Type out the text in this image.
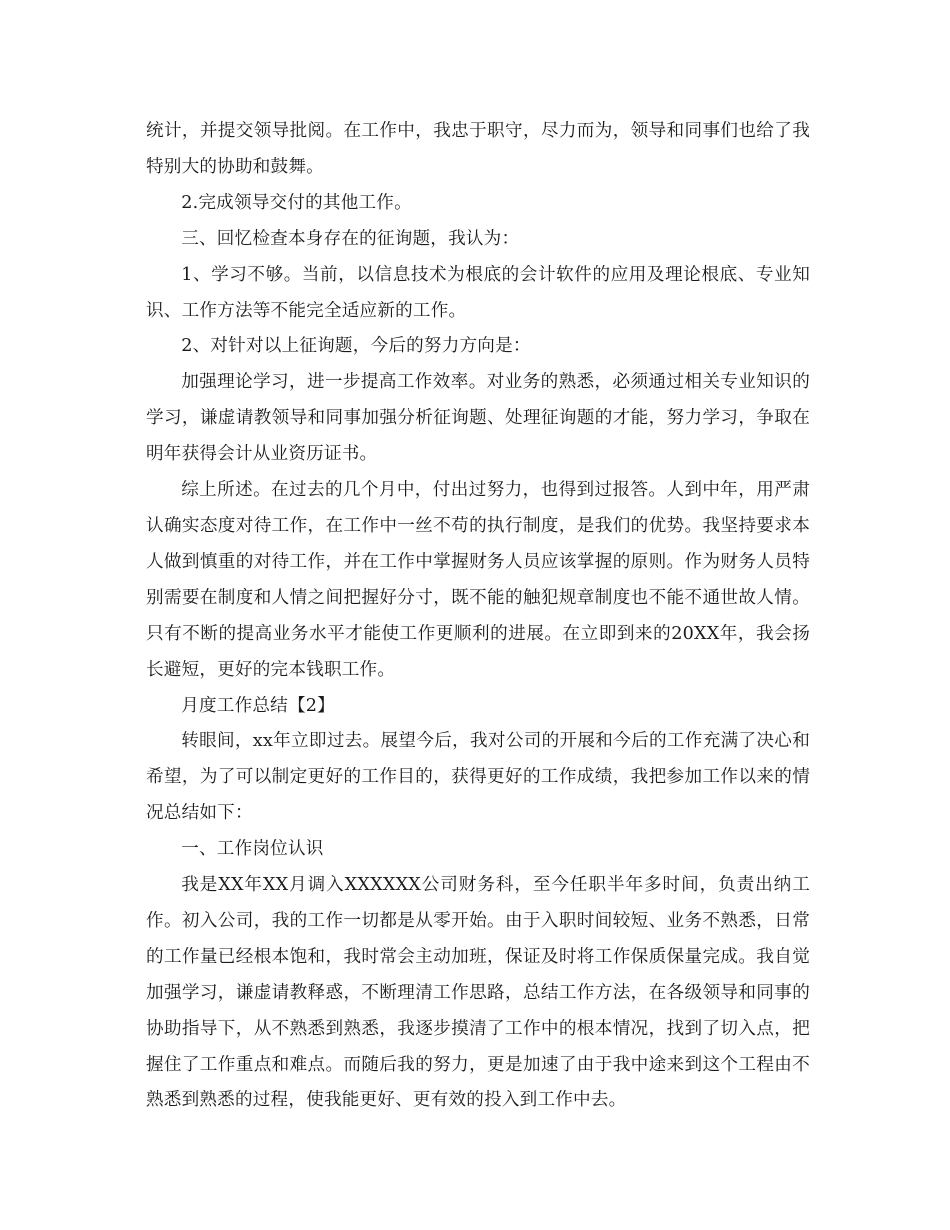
统计，并提交领导批阅。在工作中，我忠于职守，尽力而为，领导和同事们也给了我特别大的协助和鼓舞。

2.完成领导交付的其他工作。

三、回忆检查本身存在的征询题，我认为：

1、学习不够。当前，以信息技术为根底的会计软件的应用及理论根底、专业知识、工作方法等不能完全适应新的工作。

2、对针对以上征询题，今后的努力方向是：

加强理论学习，进一步提高工作效率。对业务的熟悉，必须通过相关专业知识的学习，谦虚请教领导和同事加强分析征询题、处理征询题的才能，努力学习，争取在明年获得会计从业资历证书。

综上所述。在过去的几个月中，付出过努力，也得到过报答。人到中年，用严肃认确实态度对待工作，在工作中一丝不苟的执行制度，是我们的优势。我坚持要求本人做到慎重的对待工作，并在工作中掌握财务人员应该掌握的原则。作为财务人员特别需要在制度和人情之间把握好分寸，既不能的触犯规章制度也不能不通世故人情。只有不断的提高业务水平才能使工作更顺利的进展。在立即到来的20XX年，我会扬长避短，更好的完本钱职工作。

月度工作总结【2】

转眼间，xx年立即过去。展望今后，我对公司的开展和今后的工作充满了决心和希望，为了可以制定更好的工作目的，获得更好的工作成绩，我把参加工作以来的情况总结如下：

一、工作岗位认识

我是XX年XX月调入XXXXXX公司财务科，至今任职半年多时间，负责出纳工作。初入公司，我的工作一切都是从零开始。由于入职时间较短、业务不熟悉，日常的工作量已经根本饱和，我时常会主动加班，保证及时将工作保质保量完成。我自觉加强学习，谦虚请教释惑，不断理清工作思路，总结工作方法，在各级领导和同事的协助指导下，从不熟悉到熟悉，我逐步摸清了工作中的根本情况，找到了切入点，把握住了工作重点和难点。而随后我的努力，更是加速了由于我中途来到这个工程由不熟悉到熟悉的过程，使我能更好、更有效的投入到工作中去。
